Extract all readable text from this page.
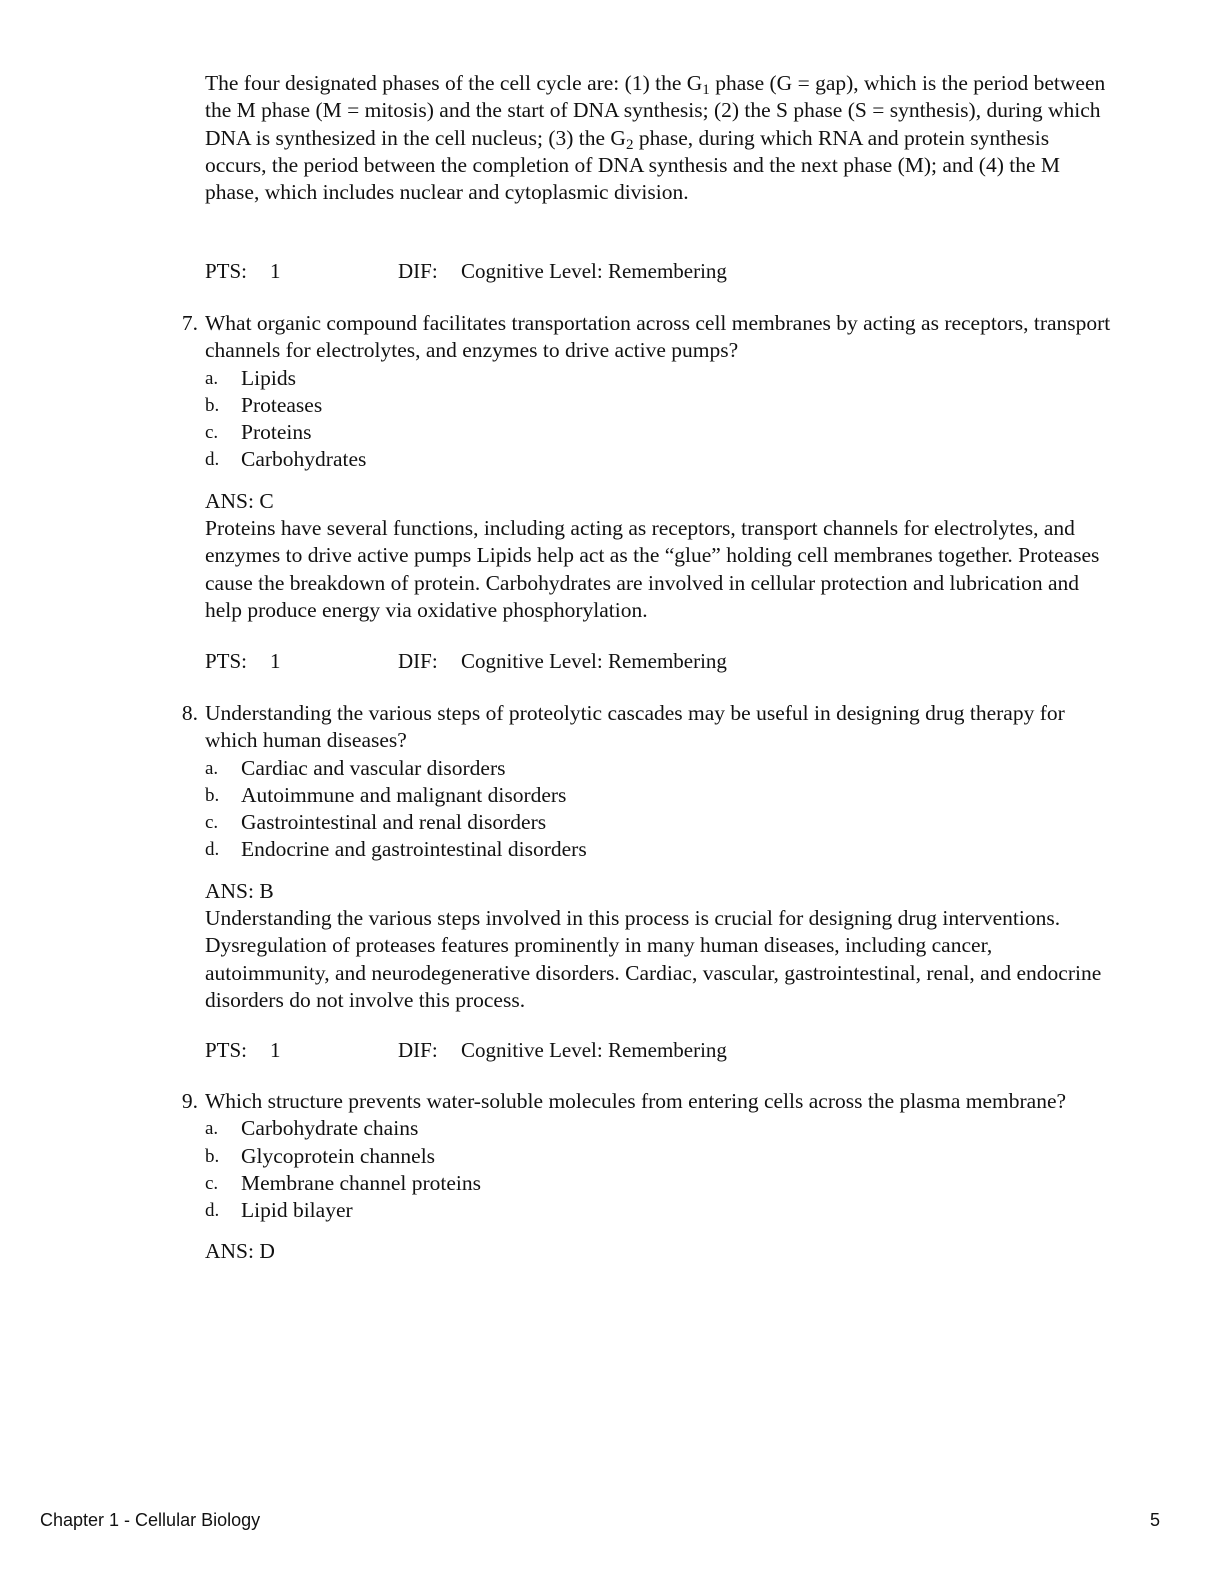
The four designated phases of the cell cycle are: (1) the $G_1$ phase (G = gap), which is the period between the M phase (M = mitosis) and the start of DNA synthesis; (2) the S phase (S = synthesis), during which DNA is synthesized in the cell nucleus; (3) the $G_2$ phase, during which RNA and protein synthesis occurs, the period between the completion of DNA synthesis and the next phase (M); and (4) the M phase, which includes nuclear and cytoplasmic division.
PTS: 1	DIF: Cognitive Level: Remembering
7. What organic compound facilitates transportation across cell membranes by acting as receptors, transport channels for electrolytes, and enzymes to drive active pumps?
a. Lipids
b. Proteases
c. Proteins
d. Carbohydrates
ANS: C
Proteins have several functions, including acting as receptors, transport channels for electrolytes, and enzymes to drive active pumps Lipids help act as the “glue” holding cell membranes together. Proteases cause the breakdown of protein. Carbohydrates are involved in cellular protection and lubrication and help produce energy via oxidative phosphorylation.
PTS: 1	DIF: Cognitive Level: Remembering
8. Understanding the various steps of proteolytic cascades may be useful in designing drug therapy for which human diseases?
a. Cardiac and vascular disorders
b. Autoimmune and malignant disorders
c. Gastrointestinal and renal disorders
d. Endocrine and gastrointestinal disorders
ANS: B
Understanding the various steps involved in this process is crucial for designing drug interventions. Dysregulation of proteases features prominently in many human diseases, including cancer, autoimmunity, and neurodegenerative disorders. Cardiac, vascular, gastrointestinal, renal, and endocrine disorders do not involve this process.
PTS: 1	DIF: Cognitive Level: Remembering
9. Which structure prevents water-soluble molecules from entering cells across the plasma membrane?
a. Carbohydrate chains
b. Glycoprotein channels
c. Membrane channel proteins
d. Lipid bilayer
ANS: D
Chapter 1 - Cellular Biology	5
